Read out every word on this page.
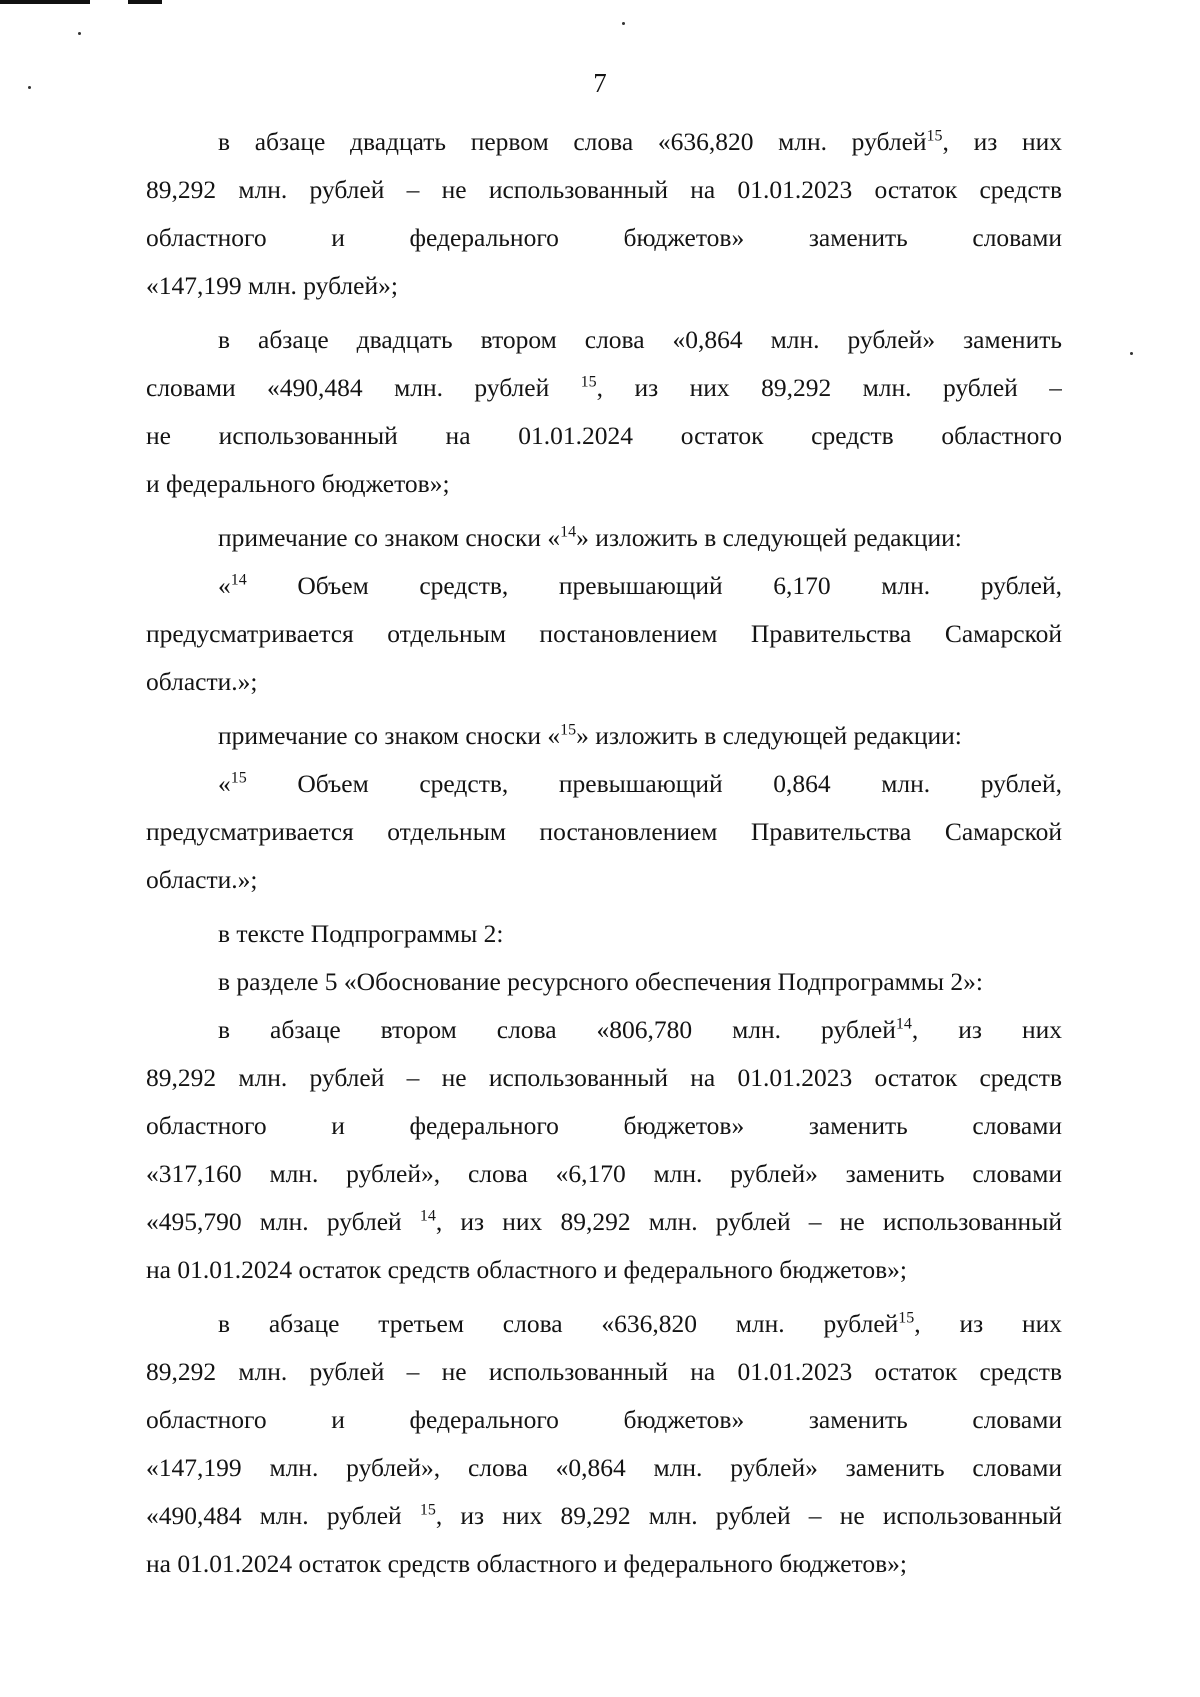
7

в абзаце двадцать первом слова «636,820 млн. рублей$^{15}$, из них

89,292 млн. рублей – не использованный на 01.01.2023 остаток средств

областного и федерального бюджетов» заменить словами

«147,199 млн. рублей»;

в абзаце двадцать втором слова «0,864 млн. рублей» заменить

словами «490,484 млн. рублей $^{15}$, из них 89,292 млн. рублей –

не использованный на 01.01.2024 остаток средств областного

и федерального бюджетов»;

примечание со знаком сноски «$^{14}$» изложить в следующей редакции:

«$^{14}$ Объем средств, превышающий 6,170 млн. рублей,

предусматривается отдельным постановлением Правительства Самарской

области.»;

примечание со знаком сноски «$^{15}$» изложить в следующей редакции:

«$^{15}$ Объем средств, превышающий 0,864 млн. рублей,

предусматривается отдельным постановлением Правительства Самарской

области.»;

в тексте Подпрограммы 2:

в разделе 5 «Обоснование ресурсного обеспечения Подпрограммы 2»:

в абзаце втором слова «806,780 млн. рублей$^{14}$, из них

89,292 млн. рублей – не использованный на 01.01.2023 остаток средств

областного и федерального бюджетов» заменить словами

«317,160 млн. рублей», слова «6,170 млн. рублей» заменить словами

«495,790 млн. рублей $^{14}$, из них 89,292 млн. рублей – не использованный

на 01.01.2024 остаток средств областного и федерального бюджетов»;

в абзаце третьем слова «636,820 млн. рублей$^{15}$, из них

89,292 млн. рублей – не использованный на 01.01.2023 остаток средств

областного и федерального бюджетов» заменить словами

«147,199 млн. рублей», слова «0,864 млн. рублей» заменить словами

«490,484 млн. рублей $^{15}$, из них 89,292 млн. рублей – не использованный

на 01.01.2024 остаток средств областного и федерального бюджетов»;
